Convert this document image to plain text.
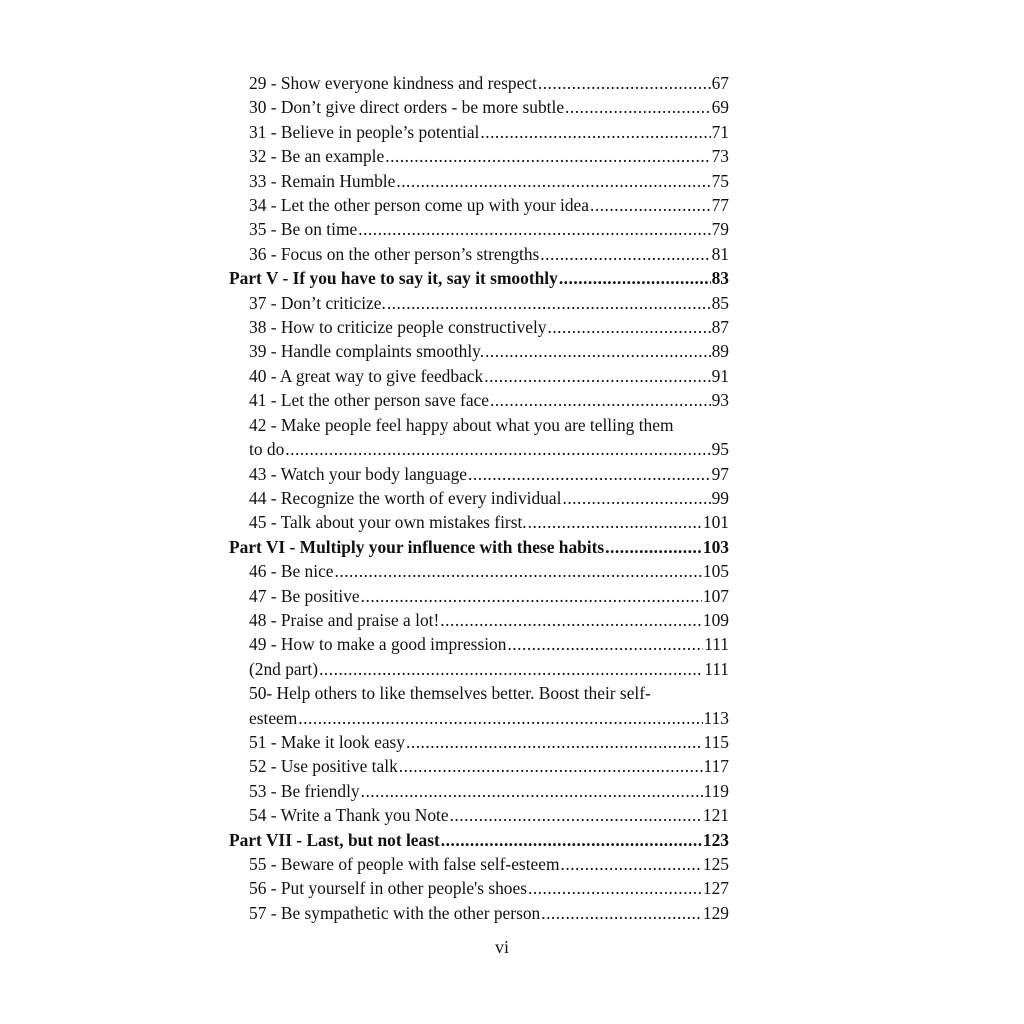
29 - Show everyone kindness and respect .....	67
30 - Don’t give direct orders - be more subtle .....	69
31 - Believe in people’s potential .....	71
32 - Be an example .....	73
33 - Remain Humble .....	75
34 - Let the other person come up with your idea .....	77
35 - Be on time .....	79
36 - Focus on the other person’s strengths .....	81
Part V - If you have to say it, say it smoothly .....	83
37 - Don’t criticize. .....	85
38 - How to criticize people constructively .....	87
39 - Handle complaints smoothly. .....	89
40 - A great way to give feedback .....	91
41 - Let the other person save face .....	93
42 - Make people feel happy about what you are telling them
to do .....	95
43 - Watch your body language .....	97
44 - Recognize the worth of every individual .....	99
45 - Talk about your own mistakes first. .....	101
Part VI - Multiply your influence with these habits .....	103
46 - Be nice .....	105
47 - Be positive .....	107
48 - Praise and praise a lot! .....	109
49 - How to make a good impression .....	111
(2nd part) .....	111
50- Help others to like themselves better. Boost their self-
esteem .....	113
51 - Make it look easy .....	115
52 - Use positive talk .....	117
53 - Be friendly .....	119
54 - Write a Thank you Note .....	121
Part VII - Last, but not least .....	123
55 - Beware of people with false self-esteem .....	125
56 - Put yourself in other people's shoes .....	127
57 - Be sympathetic with the other person .....	129
vi
